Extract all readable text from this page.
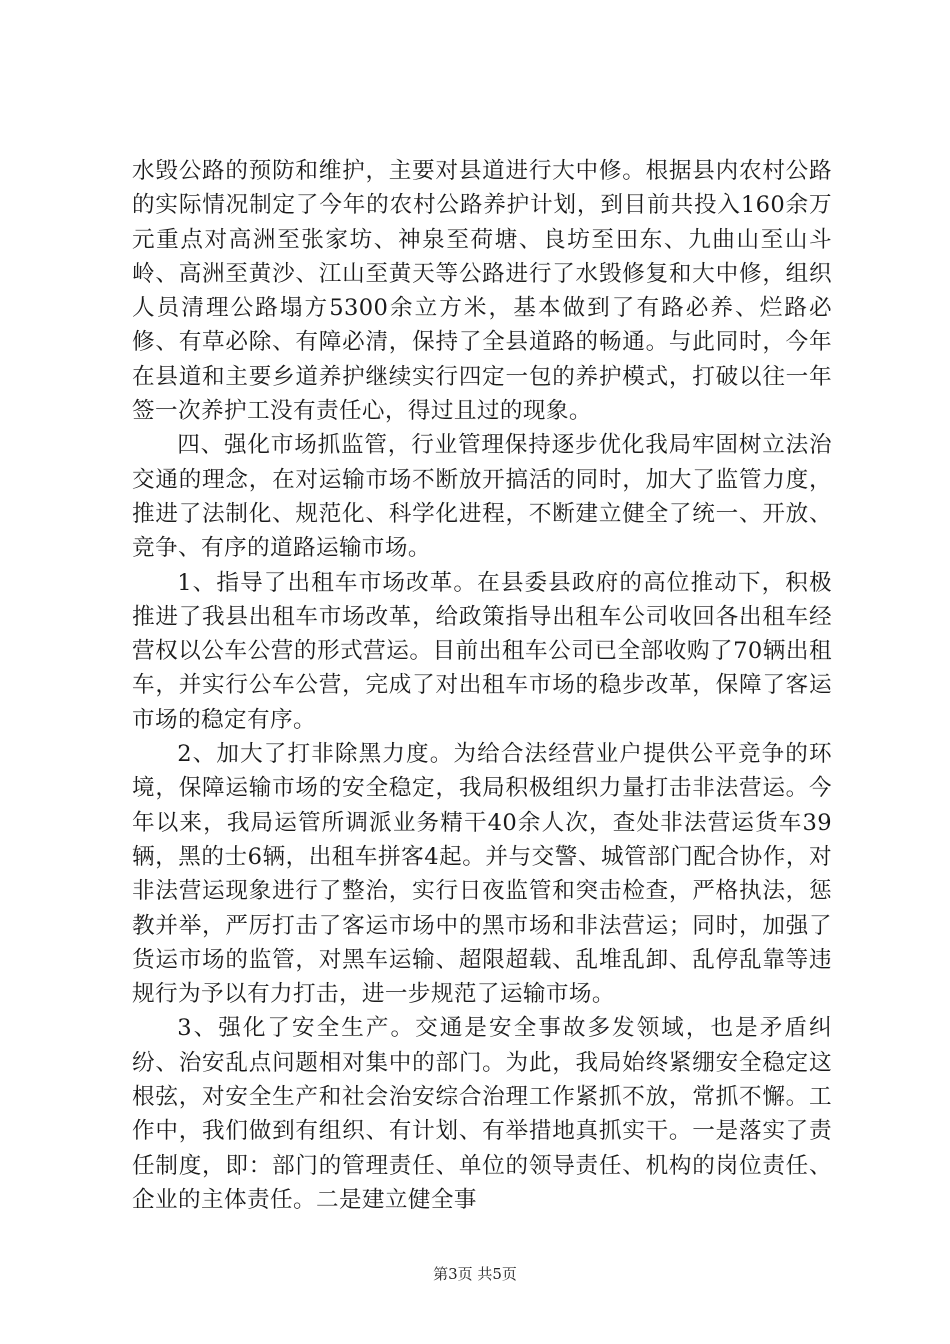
水毁公路的预防和维护，主要对县道进行大中修。根据县内农村公路的实际情况制定了今年的农村公路养护计划，到目前共投入160余万元重点对高洲至张家坊、神泉至荷塘、良坊至田东、九曲山至山斗岭、高洲至黄沙、江山至黄天等公路进行了水毁修复和大中修，组织人员清理公路塌方5300余立方米，基本做到了有路必养、烂路必修、有草必除、有障必清，保持了全县道路的畅通。与此同时，今年在县道和主要乡道养护继续实行四定一包的养护模式，打破以往一年签一次养护工没有责任心，得过且过的现象。

四、强化市场抓监管，行业管理保持逐步优化我局牢固树立法治交通的理念，在对运输市场不断放开搞活的同时，加大了监管力度，推进了法制化、规范化、科学化进程，不断建立健全了统一、开放、竞争、有序的道路运输市场。

1、指导了出租车市场改革。在县委县政府的高位推动下，积极推进了我县出租车市场改革，给政策指导出租车公司收回各出租车经营权以公车公营的形式营运。目前出租车公司已全部收购了70辆出租车，并实行公车公营，完成了对出租车市场的稳步改革，保障了客运市场的稳定有序。

2、加大了打非除黑力度。为给合法经营业户提供公平竞争的环境，保障运输市场的安全稳定，我局积极组织力量打击非法营运。今年以来，我局运管所调派业务精干40余人次，查处非法营运货车39辆，黑的士6辆，出租车拼客4起。并与交警、城管部门配合协作，对非法营运现象进行了整治，实行日夜监管和突击检查，严格执法，惩教并举，严厉打击了客运市场中的黑市场和非法营运；同时，加强了货运市场的监管，对黑车运输、超限超载、乱堆乱卸、乱停乱靠等违规行为予以有力打击，进一步规范了运输市场。

3、强化了安全生产。交通是安全事故多发领域，也是矛盾纠纷、治安乱点问题相对集中的部门。为此，我局始终紧绷安全稳定这根弦，对安全生产和社会治安综合治理工作紧抓不放，常抓不懈。工作中，我们做到有组织、有计划、有举措地真抓实干。一是落实了责任制度，即：部门的管理责任、单位的领导责任、机构的岗位责任、企业的主体责任。二是建立健全事

第3页 共5页
